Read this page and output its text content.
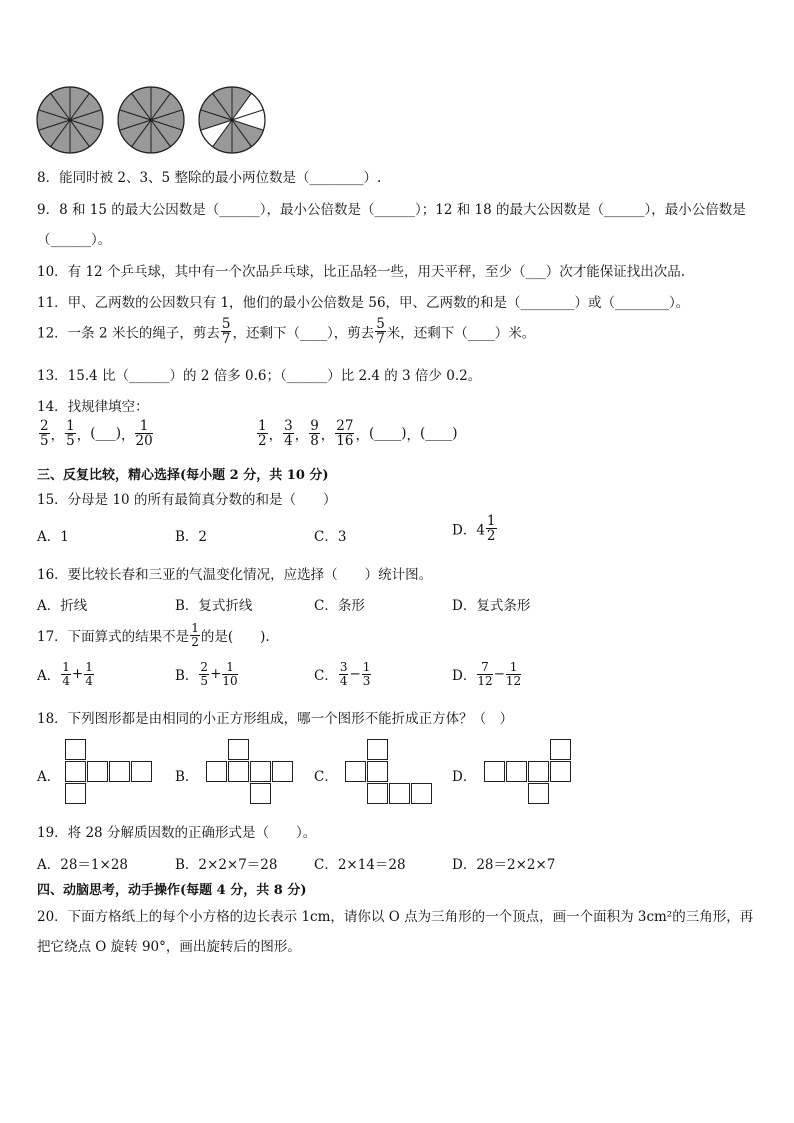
8．能同时被 2、3、5 整除的最小两位数是（________）.
9．8 和 15 的最大公因数是（______），最小公倍数是（______）；12 和 18 的最大公因数是（______），最小公倍数是
（______）。
10．有 12 个乒乓球，其中有一个次品乒乓球，比正品轻一些，用天平秤，至少（___）次才能保证找出次品.
11．甲、乙两数的公因数只有 1，他们的最小公倍数是 56，甲、乙两数的和是（________）或（________）。
12．一条 2 米长的绳子，剪去 $\frac{5}{7}$ ，还剩下（____），剪去 $\frac{5}{7}$ 米，还剩下（____）米。
13．15.4 比（______）的 2 倍多 0.6；（______）比 2.4 的 3 倍少 0.2。
14．找规律填空：
$\frac{2}{5}$ ， $\frac{1}{5}$ ，(___)， $\frac{1}{20}$	$\frac{1}{2}$ ， $\frac{3}{4}$ ， $\frac{9}{8}$ ， $\frac{27}{16}$ ，(____)，(____)
三、反复比较，精心选择(每小题 2 分，共 10 分)
15．分母是 10 的所有最简真分数的和是（　　）
A．1	B．2	C．3	D．$4 \frac{1}{2}$
16．要比较长春和三亚的气温变化情况，应选择（　　）统计图。
A．折线	B．复式折线	C．条形	D．复式条形
17．下面算式的结果不是 $\frac{1}{2}$ 的是(　　).
A． $\frac{1}{4} + \frac{1}{4}$	B． $\frac{2}{5} + \frac{1}{10}$	C． $\frac{3}{4} - \frac{1}{3}$	D． $\frac{7}{12} - \frac{1}{12}$
18．下列图形都是由相同的小正方形组成，哪一个图形不能折成正方体？（　）
A．	B．	C．	D．
19．将 28 分解质因数的正确形式是（　　）。
A．28＝1×28	B．2×2×7＝28	C．2×14＝28	D．28＝2×2×7
四、动脑思考，动手操作(每题 4 分，共 8 分)
20．下面方格纸上的每个小方格的边长表示 1cm，请你以 O 点为三角形的一个顶点，画一个面积为 3cm²的三角形，再
把它绕点 O 旋转 90°，画出旋转后的图形。
